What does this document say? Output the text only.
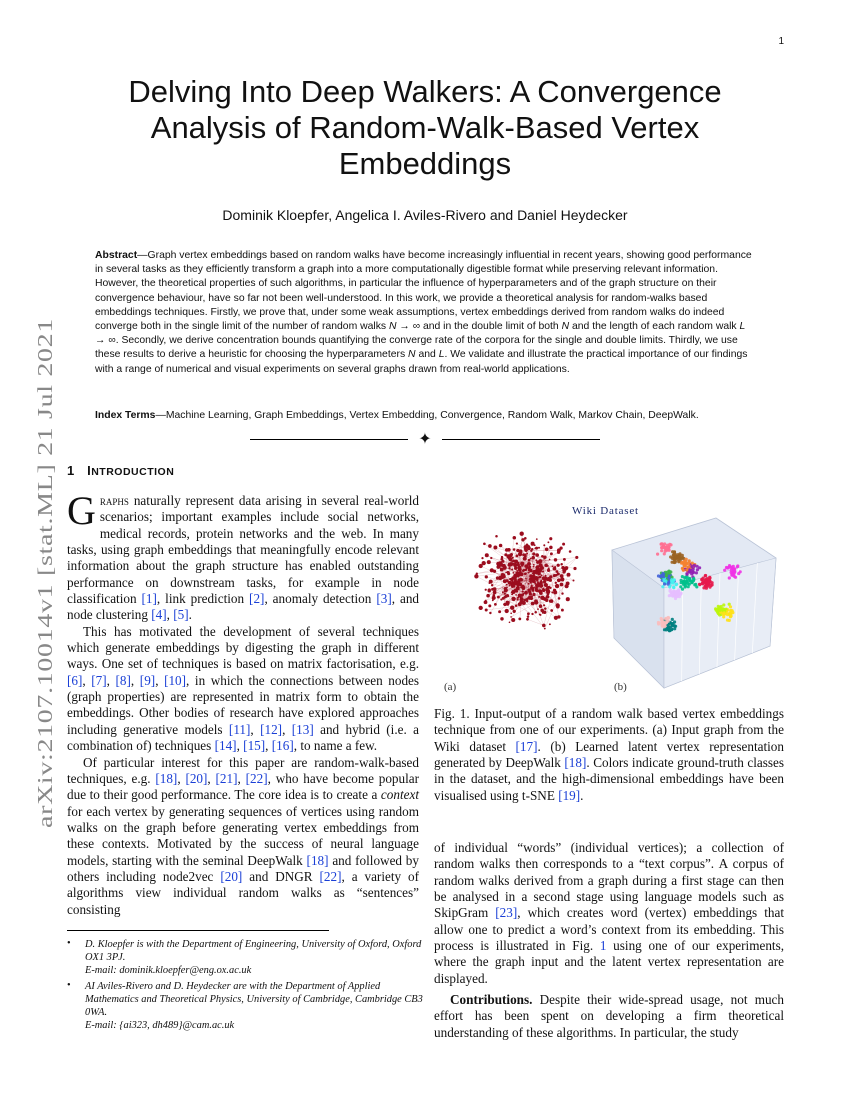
1
arXiv:2107.10014v1 [stat.ML] 21 Jul 2021
Delving Into Deep Walkers: A Convergence Analysis of Random-Walk-Based Vertex Embeddings
Dominik Kloepfer, Angelica I. Aviles-Rivero and Daniel Heydecker
Abstract—Graph vertex embeddings based on random walks have become increasingly influential in recent years, showing good performance in several tasks as they efficiently transform a graph into a more computationally digestible format while preserving relevant information. However, the theoretical properties of such algorithms, in particular the influence of hyperparameters and of the graph structure on their convergence behaviour, have so far not been well-understood. In this work, we provide a theoretical analysis for random-walks based embeddings techniques. Firstly, we prove that, under some weak assumptions, vertex embeddings derived from random walks do indeed converge both in the single limit of the number of random walks N → ∞ and in the double limit of both N and the length of each random walk L → ∞. Secondly, we derive concentration bounds quantifying the converge rate of the corpora for the single and double limits. Thirdly, we use these results to derive a heuristic for choosing the hyperparameters N and L. We validate and illustrate the practical importance of our findings with a range of numerical and visual experiments on several graphs drawn from real-world applications.
Index Terms—Machine Learning, Graph Embeddings, Vertex Embedding, Convergence, Random Walk, Markov Chain, DeepWalk.
✦
1 INTRODUCTION

Graphs naturally represent data arising in several real-world scenarios; important examples include social networks, medical records, protein networks and the web. In many tasks, using graph embeddings that meaningfully encode relevant information about the graph structure has enabled outstanding performance on downstream tasks, for example in node classification [1], link prediction [2], anomaly detection [3], and node clustering [4], [5].

This has motivated the development of several techniques which generate embeddings by digesting the graph in different ways. One set of techniques is based on matrix factorisation, e.g. [6], [7], [8], [9], [10], in which the connections between nodes (graph properties) are represented in matrix form to obtain the embeddings. Other bodies of research have explored approaches including generative models [11], [12], [13] and hybrid (i.e. a combination of) techniques [14], [15], [16], to name a few.

Of particular interest for this paper are random-walk-based techniques, e.g. [18], [20], [21], [22], who have become popular due to their good performance. The core idea is to create a context for each vertex by generating sequences of vertices using random walks on the graph before generating vertex embeddings from these contexts. Motivated by the success of neural language models, starting with the seminal DeepWalk [18] and followed by others including node2vec [20] and DNGR [22], a variety of algorithms view individual random walks as “sentences” consisting

Wiki Dataset
(a)	(b)
Fig. 1. Input-output of a random walk based vertex embeddings technique from one of our experiments. (a) Input graph from the Wiki dataset [17]. (b) Learned latent vertex representation generated by DeepWalk [18]. Colors indicate ground-truth classes in the dataset, and the high-dimensional embeddings have been visualised using t-SNE [19].

of individual “words” (individual vertices); a collection of random walks then corresponds to a “text corpus”. A corpus of random walks derived from a graph during a first stage can then be analysed in a second stage using language models such as SkipGram [23], which creates word (vertex) embeddings that allow one to predict a word’s context from its embedding. This process is illustrated in Fig. 1 using one of our experiments, where the graph input and the latent vertex representation are displayed.

Contributions. Despite their wide-spread usage, not much effort has been spent on developing a firm theoretical understanding of these algorithms. In particular, the study

• D. Kloepfer is with the Department of Engineering, University of Oxford, Oxford OX1 3PJ.
E-mail: dominik.kloepfer@eng.ox.ac.uk
• AI Aviles-Rivero and D. Heydecker are with the Department of Applied Mathematics and Theoretical Physics, University of Cambridge, Cambridge CB3 0WA.
E-mail: {ai323, dh489}@cam.ac.uk
